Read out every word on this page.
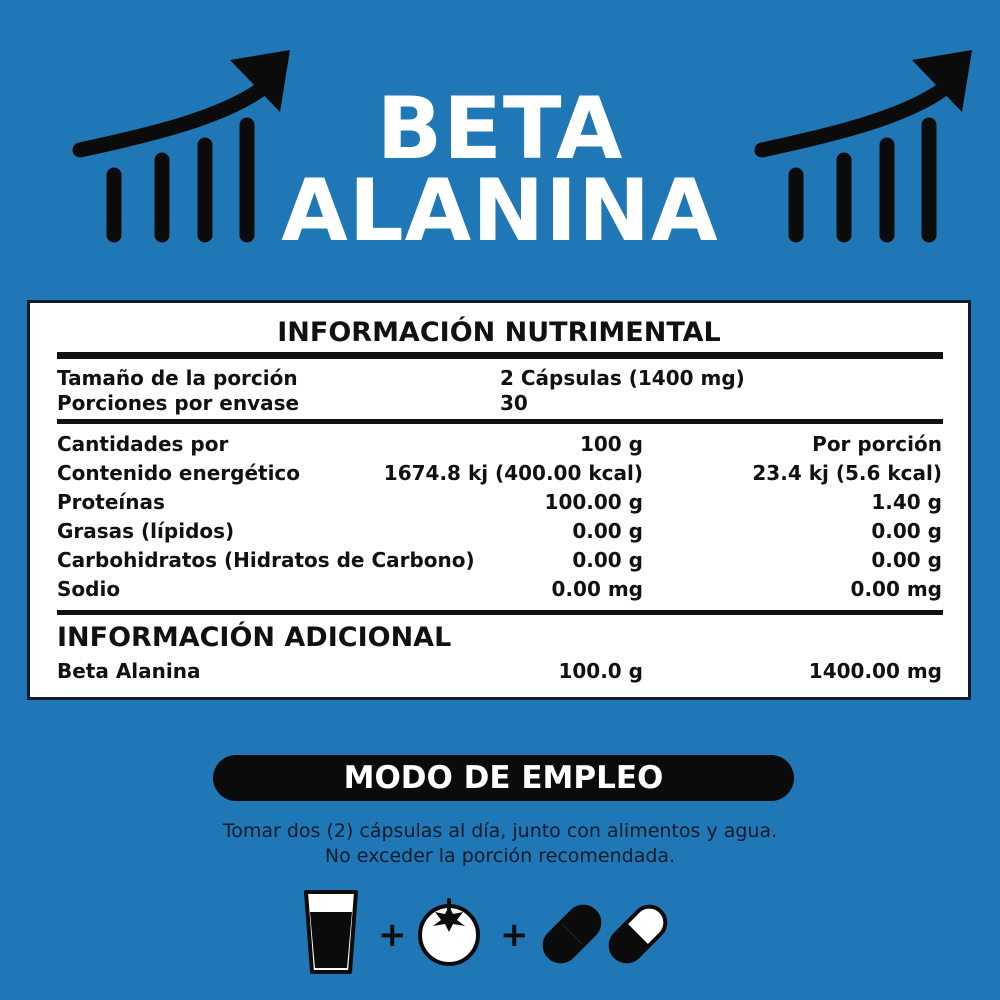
BETA
ALANINA
INFORMACIÓN NUTRIMENTAL
Tamaño de la porción	2 Cápsulas (1400 mg)
Porciones por envase	30
Cantidades por	100 g	Por porción
Contenido energético	1674.8 kj (400.00 kcal)	23.4 kj (5.6 kcal)
Proteínas	100.00 g	1.40 g
Grasas (lípidos)	0.00 g	0.00 g
Carbohidratos (Hidratos de Carbono)	0.00 g	0.00 g
Sodio	0.00 mg	0.00 mg
INFORMACIÓN ADICIONAL
Beta Alanina	100.0 g	1400.00 mg
MODO DE EMPLEO
Tomar dos (2) cápsulas al día, junto con alimentos y agua.
No exceder la porción recomendada.
+	+
